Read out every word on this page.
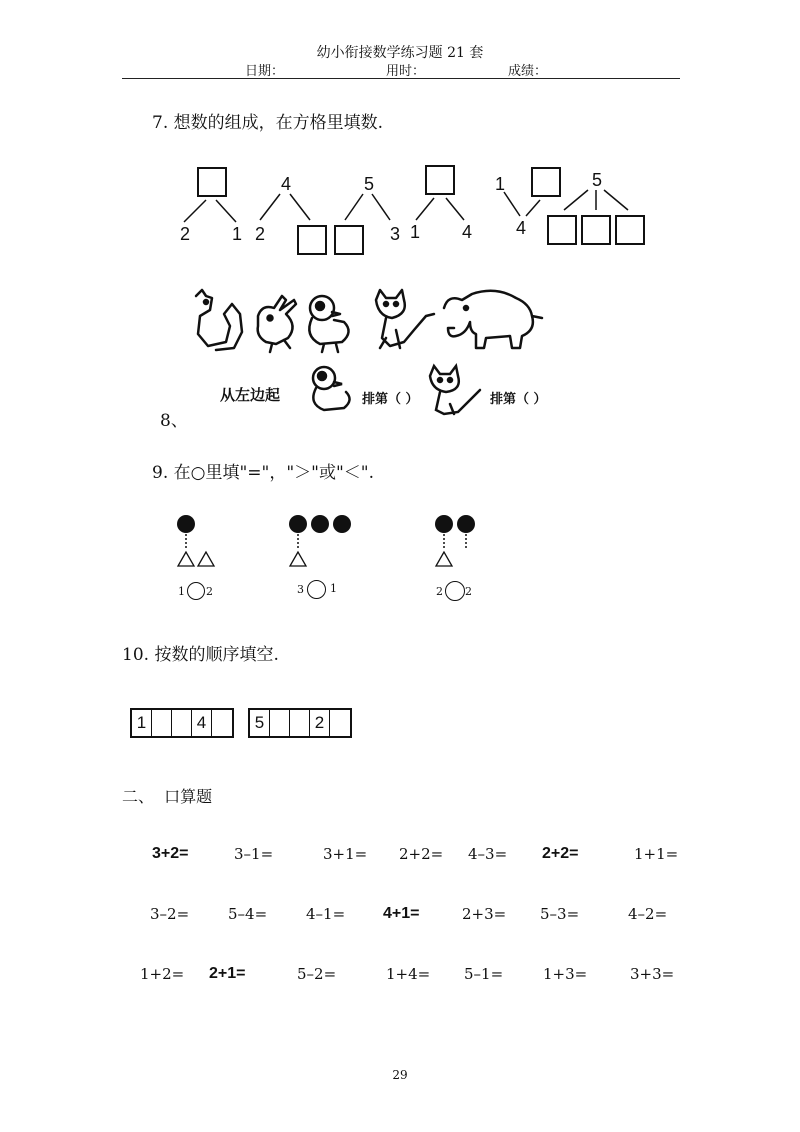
幼小衔接数学练习题 21 套
日期：	用时：	成绩：
7. 想数的组成，在方格里填数.
2 1
4
2
5
3 1 4
1
4
5
从左边起	排第（ ）	排第（ ）
8、
9. 在○里填"="，"＞"或"＜".
1 2	3 1	2 2
10. 按数的顺序填空.
1	4	5	2
二、  口算题
3+2=	3–1=	3+1= 2+2= 4–3= 2+2=	1+1=
3–2=	5–4=	4–1= 4+1=	2+3= 5–3=	4–2=
1+2= 2+1=	5–2=	1+4= 5–1=	1+3=	3+3=
29
